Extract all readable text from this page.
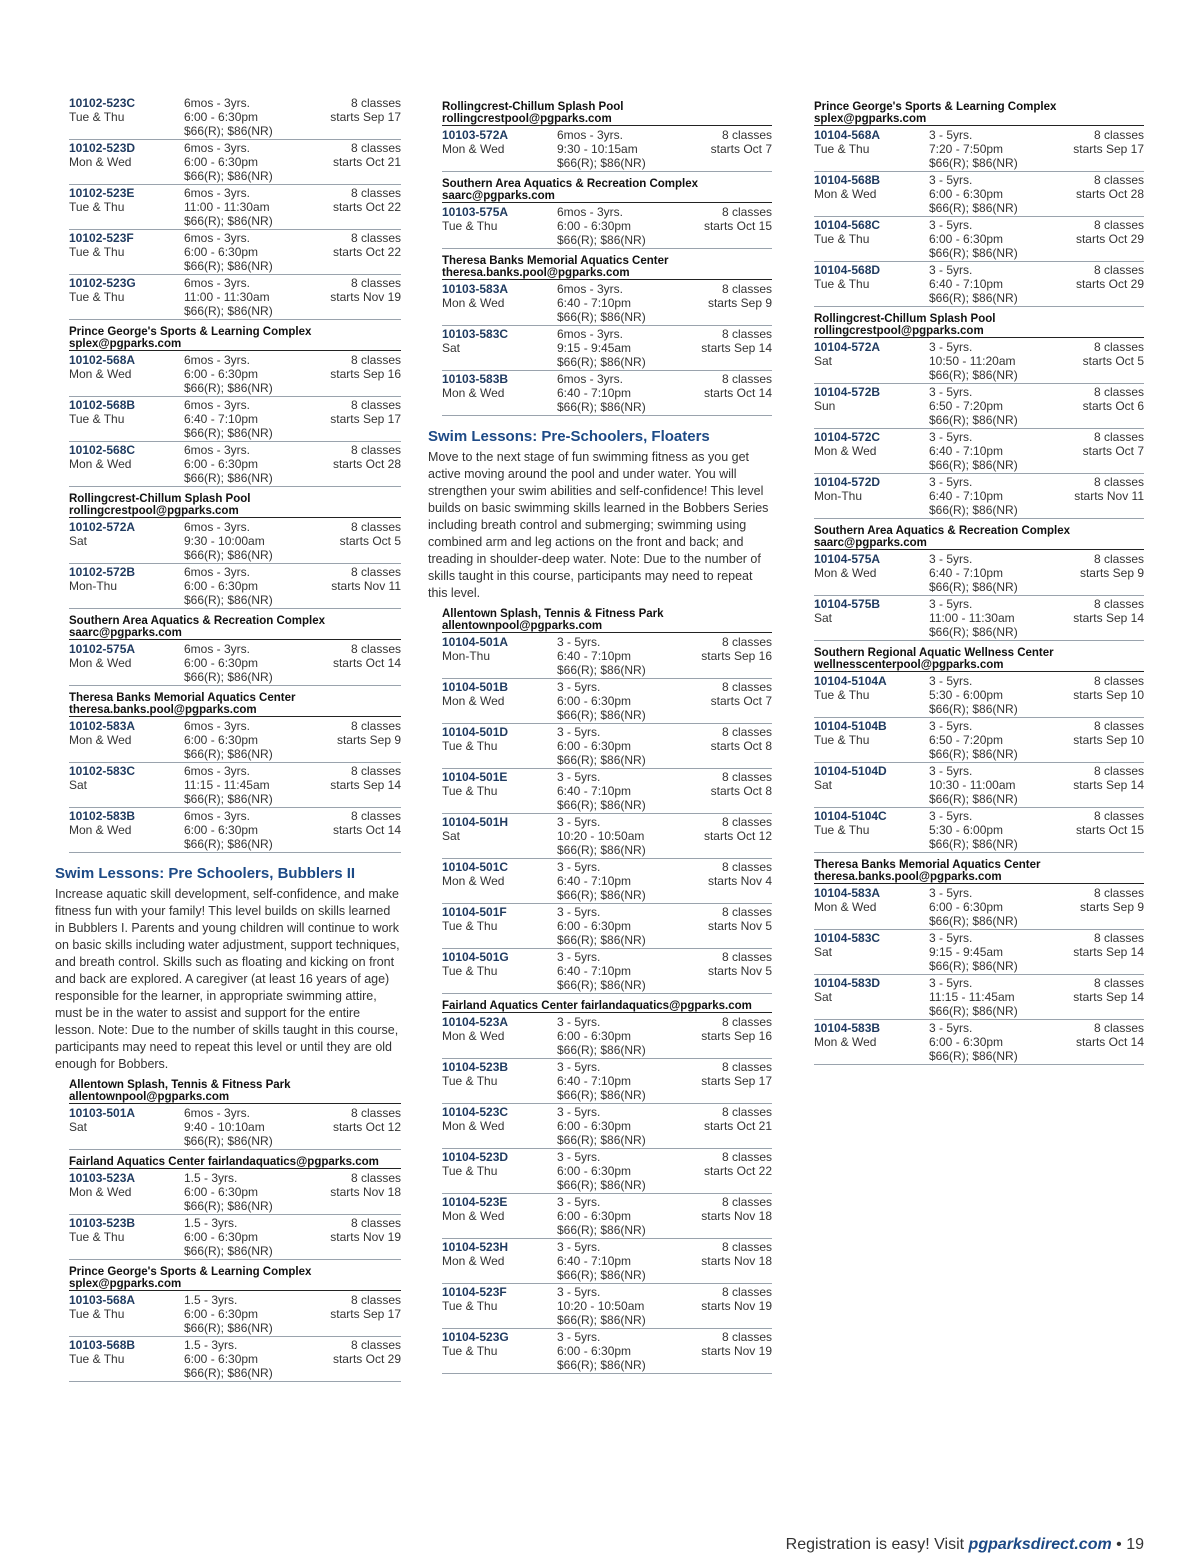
10102-523C
Tue & Thu
6mos - 3yrs.
6:00 - 6:30pm
$66(R); $86(NR)
8 classes
starts Sep 17
10102-523D
Mon & Wed
6mos - 3yrs.
6:00 - 6:30pm
$66(R); $86(NR)
8 classes
starts Oct 21
10102-523E
Tue & Thu
6mos - 3yrs.
11:00 - 11:30am
$66(R); $86(NR)
8 classes
starts Oct 22
10102-523F
Tue & Thu
6mos - 3yrs.
6:00 - 6:30pm
$66(R); $86(NR)
8 classes
starts Oct 22
10102-523G
Tue & Thu
6mos - 3yrs.
11:00 - 11:30am
$66(R); $86(NR)
8 classes
starts Nov 19
Prince George's Sports & Learning Complex
splex@pgparks.com
10102-568A
Mon & Wed
6mos - 3yrs.
6:00 - 6:30pm
$66(R); $86(NR)
8 classes
starts Sep 16
10102-568B
Tue & Thu
6mos - 3yrs.
6:40 - 7:10pm
$66(R); $86(NR)
8 classes
starts Sep 17
10102-568C
Mon & Wed
6mos - 3yrs.
6:00 - 6:30pm
$66(R); $86(NR)
8 classes
starts Oct 28
Rollingcrest-Chillum Splash Pool
rollingcrestpool@pgparks.com
10102-572A
Sat
6mos - 3yrs.
9:30 - 10:00am
$66(R); $86(NR)
8 classes
starts Oct 5
10102-572B
Mon-Thu
6mos - 3yrs.
6:00 - 6:30pm
$66(R); $86(NR)
8 classes
starts Nov 11
Southern Area Aquatics & Recreation Complex
saarc@pgparks.com
10102-575A
Mon & Wed
6mos - 3yrs.
6:00 - 6:30pm
$66(R); $86(NR)
8 classes
starts Oct 14
Theresa Banks Memorial Aquatics Center
theresa.banks.pool@pgparks.com
10102-583A
Mon & Wed
6mos - 3yrs.
6:00 - 6:30pm
$66(R); $86(NR)
8 classes
starts Sep 9
10102-583C
Sat
6mos - 3yrs.
11:15 - 11:45am
$66(R); $86(NR)
8 classes
starts Sep 14
10102-583B
Mon & Wed
6mos - 3yrs.
6:00 - 6:30pm
$66(R); $86(NR)
8 classes
starts Oct 14
Swim Lessons: Pre Schoolers, Bubblers II
Increase aquatic skill development, self-confidence, and make fitness fun with your family! This level builds on skills learned in Bubblers I. Parents and young children will continue to work on basic skills including water adjustment, support techniques, and breath control. Skills such as floating and kicking on front and back are explored. A caregiver (at least 16 years of age) responsible for the learner, in appropriate swimming attire, must be in the water to assist and support for the entire lesson. Note: Due to the number of skills taught in this course, participants may need to repeat this level or until they are old enough for Bobbers.
Allentown Splash, Tennis & Fitness Park
allentownpool@pgparks.com
10103-501A
Sat
6mos - 3yrs.
9:40 - 10:10am
$66(R); $86(NR)
8 classes
starts Oct 12
Fairland Aquatics Center fairlandaquatics@pgparks.com
10103-523A
Mon & Wed
1.5 - 3yrs.
6:00 - 6:30pm
$66(R); $86(NR)
8 classes
starts Nov 18
10103-523B
Tue & Thu
1.5 - 3yrs.
6:00 - 6:30pm
$66(R); $86(NR)
8 classes
starts Nov 19
Prince George's Sports & Learning Complex
splex@pgparks.com
10103-568A
Tue & Thu
1.5 - 3yrs.
6:00 - 6:30pm
$66(R); $86(NR)
8 classes
starts Sep 17
10103-568B
Tue & Thu
1.5 - 3yrs.
6:00 - 6:30pm
$66(R); $86(NR)
8 classes
starts Oct 29
Rollingcrest-Chillum Splash Pool
rollingcrestpool@pgparks.com
10103-572A
Mon & Wed
6mos - 3yrs.
9:30 - 10:15am
$66(R); $86(NR)
8 classes
starts Oct 7
Southern Area Aquatics & Recreation Complex
saarc@pgparks.com
10103-575A
Tue & Thu
6mos - 3yrs.
6:00 - 6:30pm
$66(R); $86(NR)
8 classes
starts Oct 15
Theresa Banks Memorial Aquatics Center
theresa.banks.pool@pgparks.com
10103-583A
Mon & Wed
6mos - 3yrs.
6:40 - 7:10pm
$66(R); $86(NR)
8 classes
starts Sep 9
10103-583C
Sat
6mos - 3yrs.
9:15 - 9:45am
$66(R); $86(NR)
8 classes
starts Sep 14
10103-583B
Mon & Wed
6mos - 3yrs.
6:40 - 7:10pm
$66(R); $86(NR)
8 classes
starts Oct 14
Swim Lessons: Pre-Schoolers, Floaters
Move to the next stage of fun swimming fitness as you get active moving around the pool and under water. You will strengthen your swim abilities and self-confidence! This level builds on basic swimming skills learned in the Bobbers Series including breath control and submerging; swimming using combined arm and leg actions on the front and back; and treading in shoulder-deep water. Note: Due to the number of skills taught in this course, participants may need to repeat this level.
Allentown Splash, Tennis & Fitness Park
allentownpool@pgparks.com
10104-501A
Mon-Thu
3 - 5yrs.
6:40 - 7:10pm
$66(R); $86(NR)
8 classes
starts Sep 16
10104-501B
Mon & Wed
3 - 5yrs.
6:00 - 6:30pm
$66(R); $86(NR)
8 classes
starts Oct 7
10104-501D
Tue & Thu
3 - 5yrs.
6:00 - 6:30pm
$66(R); $86(NR)
8 classes
starts Oct 8
10104-501E
Tue & Thu
3 - 5yrs.
6:40 - 7:10pm
$66(R); $86(NR)
8 classes
starts Oct 8
10104-501H
Sat
3 - 5yrs.
10:20 - 10:50am
$66(R); $86(NR)
8 classes
starts Oct 12
10104-501C
Mon & Wed
3 - 5yrs.
6:40 - 7:10pm
$66(R); $86(NR)
8 classes
starts Nov 4
10104-501F
Tue & Thu
3 - 5yrs.
6:00 - 6:30pm
$66(R); $86(NR)
8 classes
starts Nov 5
10104-501G
Tue & Thu
3 - 5yrs.
6:40 - 7:10pm
$66(R); $86(NR)
8 classes
starts Nov 5
Fairland Aquatics Center fairlandaquatics@pgparks.com
10104-523A
Mon & Wed
3 - 5yrs.
6:00 - 6:30pm
$66(R); $86(NR)
8 classes
starts Sep 16
10104-523B
Tue & Thu
3 - 5yrs.
6:40 - 7:10pm
$66(R); $86(NR)
8 classes
starts Sep 17
10104-523C
Mon & Wed
3 - 5yrs.
6:00 - 6:30pm
$66(R); $86(NR)
8 classes
starts Oct 21
10104-523D
Tue & Thu
3 - 5yrs.
6:00 - 6:30pm
$66(R); $86(NR)
8 classes
starts Oct 22
10104-523E
Mon & Wed
3 - 5yrs.
6:00 - 6:30pm
$66(R); $86(NR)
8 classes
starts Nov 18
10104-523H
Mon & Wed
3 - 5yrs.
6:40 - 7:10pm
$66(R); $86(NR)
8 classes
starts Nov 18
10104-523F
Tue & Thu
3 - 5yrs.
10:20 - 10:50am
$66(R); $86(NR)
8 classes
starts Nov 19
10104-523G
Tue & Thu
3 - 5yrs.
6:00 - 6:30pm
$66(R); $86(NR)
8 classes
starts Nov 19
Prince George's Sports & Learning Complex
splex@pgparks.com
10104-568A
Tue & Thu
3 - 5yrs.
7:20 - 7:50pm
$66(R); $86(NR)
8 classes
starts Sep 17
10104-568B
Mon & Wed
3 - 5yrs.
6:00 - 6:30pm
$66(R); $86(NR)
8 classes
starts Oct 28
10104-568C
Tue & Thu
3 - 5yrs.
6:00 - 6:30pm
$66(R); $86(NR)
8 classes
starts Oct 29
10104-568D
Tue & Thu
3 - 5yrs.
6:40 - 7:10pm
$66(R); $86(NR)
8 classes
starts Oct 29
Rollingcrest-Chillum Splash Pool
rollingcrestpool@pgparks.com
10104-572A
Sat
3 - 5yrs.
10:50 - 11:20am
$66(R); $86(NR)
8 classes
starts Oct 5
10104-572B
Sun
3 - 5yrs.
6:50 - 7:20pm
$66(R); $86(NR)
8 classes
starts Oct 6
10104-572C
Mon & Wed
3 - 5yrs.
6:40 - 7:10pm
$66(R); $86(NR)
8 classes
starts Oct 7
10104-572D
Mon-Thu
3 - 5yrs.
6:40 - 7:10pm
$66(R); $86(NR)
8 classes
starts Nov 11
Southern Area Aquatics & Recreation Complex
saarc@pgparks.com
10104-575A
Mon & Wed
3 - 5yrs.
6:40 - 7:10pm
$66(R); $86(NR)
8 classes
starts Sep 9
10104-575B
Sat
3 - 5yrs.
11:00 - 11:30am
$66(R); $86(NR)
8 classes
starts Sep 14
Southern Regional Aquatic Wellness Center
wellnesscenterpool@pgparks.com
10104-5104A
Tue & Thu
3 - 5yrs.
5:30 - 6:00pm
$66(R); $86(NR)
8 classes
starts Sep 10
10104-5104B
Tue & Thu
3 - 5yrs.
6:50 - 7:20pm
$66(R); $86(NR)
8 classes
starts Sep 10
10104-5104D
Sat
3 - 5yrs.
10:30 - 11:00am
$66(R); $86(NR)
8 classes
starts Sep 14
10104-5104C
Tue & Thu
3 - 5yrs.
5:30 - 6:00pm
$66(R); $86(NR)
8 classes
starts Oct 15
Theresa Banks Memorial Aquatics Center
theresa.banks.pool@pgparks.com
10104-583A
Mon & Wed
3 - 5yrs.
6:00 - 6:30pm
$66(R); $86(NR)
8 classes
starts Sep 9
10104-583C
Sat
3 - 5yrs.
9:15 - 9:45am
$66(R); $86(NR)
8 classes
starts Sep 14
10104-583D
Sat
3 - 5yrs.
11:15 - 11:45am
$66(R); $86(NR)
8 classes
starts Sep 14
10104-583B
Mon & Wed
3 - 5yrs.
6:00 - 6:30pm
$66(R); $86(NR)
8 classes
starts Oct 14
Registration is easy! Visit pgparksdirect.com • 19
